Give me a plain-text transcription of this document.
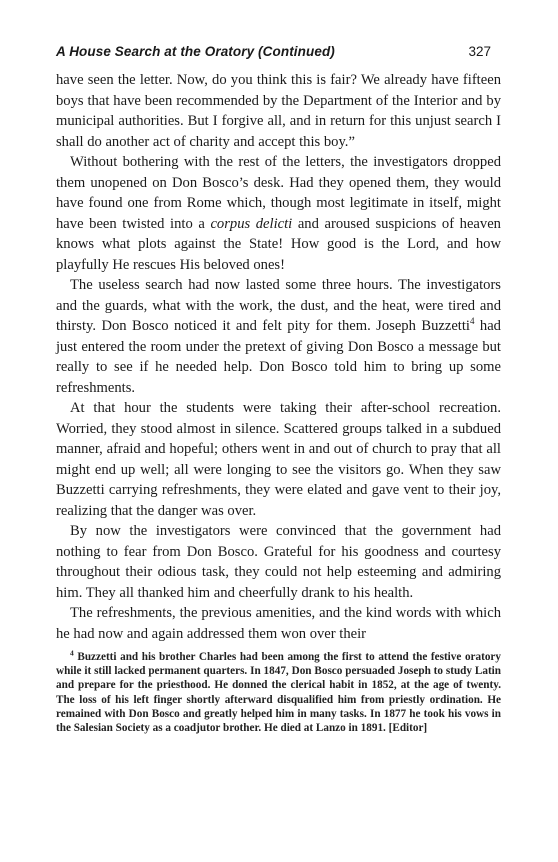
A House Search at the Oratory (Continued)	327

have seen the letter. Now, do you think this is fair? We already have fifteen boys that have been recommended by the Department of the Interior and by municipal authorities. But I forgive all, and in return for this unjust search I shall do another act of charity and accept this boy.”

Without bothering with the rest of the letters, the investigators dropped them unopened on Don Bosco’s desk. Had they opened them, they would have found one from Rome which, though most legitimate in itself, might have been twisted into a corpus delicti and aroused suspicions of heaven knows what plots against the State! How good is the Lord, and how playfully He rescues His beloved ones!

The useless search had now lasted some three hours. The investigators and the guards, what with the work, the dust, and the heat, were tired and thirsty. Don Bosco noticed it and felt pity for them. Joseph Buzzetti$^4$ had just entered the room under the pretext of giving Don Bosco a message but really to see if he needed help. Don Bosco told him to bring up some refreshments.

At that hour the students were taking their after-school recreation. Worried, they stood almost in silence. Scattered groups talked in a subdued manner, afraid and hopeful; others went in and out of church to pray that all might end up well; all were longing to see the visitors go. When they saw Buzzetti carrying refreshments, they were elated and gave vent to their joy, realizing that the danger was over.

By now the investigators were convinced that the government had nothing to fear from Don Bosco. Grateful for his goodness and courtesy throughout their odious task, they could not help esteeming and admiring him. They all thanked him and cheerfully drank to his health.

The refreshments, the previous amenities, and the kind words with which he had now and again addressed them won over their

$^4$ Buzzetti and his brother Charles had been among the first to attend the festive oratory while it still lacked permanent quarters. In 1847, Don Bosco persuaded Joseph to study Latin and prepare for the priesthood. He donned the clerical habit in 1852, at the age of twenty. The loss of his left finger shortly afterward disqualified him from priestly ordination. He remained with Don Bosco and greatly helped him in many tasks. In 1877 he took his vows in the Salesian Society as a coadjutor brother. He died at Lanzo in 1891. [Editor]
